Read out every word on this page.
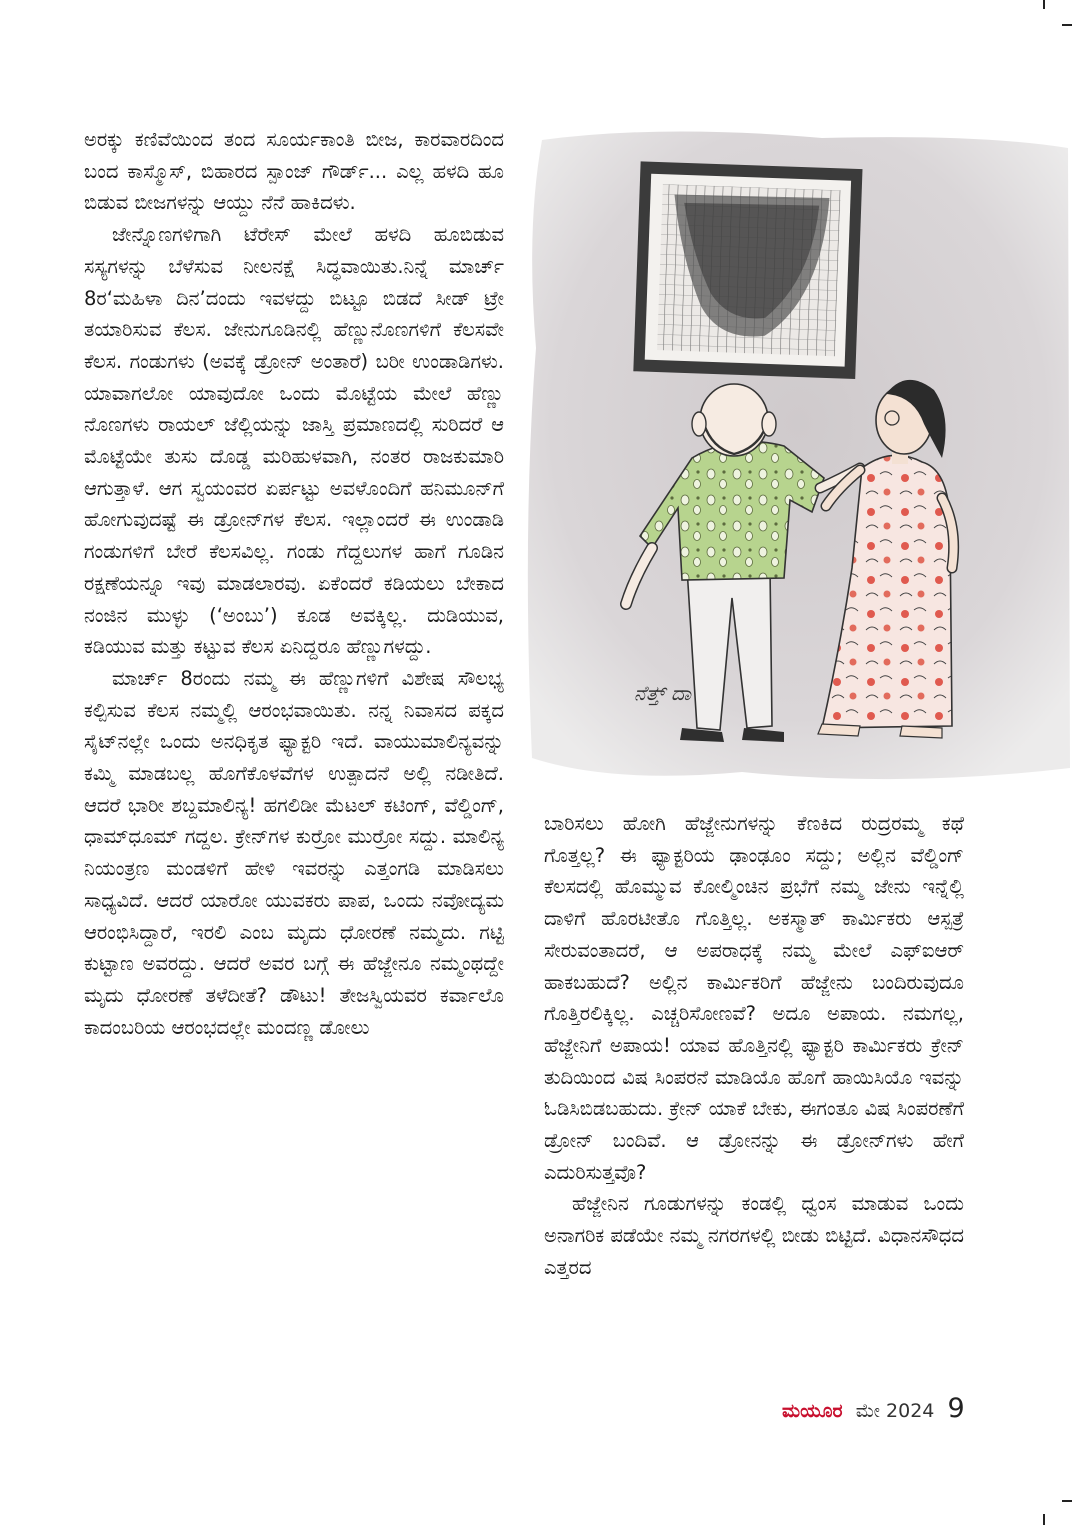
ಅರಕ್ಕು ಕಣಿವೆಯಿಂದ ತಂದ ಸೂರ್ಯಕಾಂತಿ ಬೀಜ, ಕಾರವಾರದಿಂದ ಬಂದ ಕಾಸ್ಮೊಸ್, ಬಿಹಾರದ ಸ್ಪಾಂಜ್ ಗೌರ್ಡ್... ಎಲ್ಲ ಹಳದಿ ಹೂ ಬಿಡುವ ಬೀಜಗಳನ್ನು ಆಯ್ದು ನೆನೆ ಹಾಕಿದಳು.

ಜೇನ್ನೊಣಗಳಿಗಾಗಿ ಟೆರೇಸ್ ಮೇಲೆ ಹಳದಿ ಹೂಬಿಡುವ ಸಸ್ಯಗಳನ್ನು ಬೆಳೆಸುವ ನೀಲನಕ್ಷೆ ಸಿದ್ಧವಾಯಿತು.ನಿನ್ನೆ ಮಾರ್ಚ್ 8ರ‘ಮಹಿಳಾ ದಿನ’ದಂದು ಇವಳದ್ದು ಬಿಟ್ಟೂ ಬಿಡದೆ ಸೀಡ್ ಟ್ರೇ ತಯಾರಿಸುವ ಕೆಲಸ. ಜೇನುಗೂಡಿನಲ್ಲಿ ಹೆಣ್ಣುನೊಣಗಳಿಗೆ ಕೆಲಸವೇ ಕೆಲಸ. ಗಂಡುಗಳು (ಅವಕ್ಕೆ ಡ್ರೋನ್ ಅಂತಾರೆ) ಬರೀ ಉಂಡಾಡಿಗಳು. ಯಾವಾಗಲೋ ಯಾವುದೋ ಒಂದು ಮೊಟ್ಟೆಯ ಮೇಲೆ ಹೆಣ್ಣು ನೊಣಗಳು ರಾಯಲ್ ಜೆಲ್ಲಿಯನ್ನು ಜಾಸ್ತಿ ಪ್ರಮಾಣದಲ್ಲಿ ಸುರಿದರೆ ಆ ಮೊಟ್ಟೆಯೇ ತುಸು ದೊಡ್ಡ ಮರಿಹುಳವಾಗಿ, ನಂತರ ರಾಜಕುಮಾರಿ ಆಗುತ್ತಾಳೆ. ಆಗ ಸ್ವಯಂವರ ಏರ್ಪಟ್ಟು ಅವಳೊಂದಿಗೆ ಹನಿಮೂನ್‌ಗೆ ಹೋಗುವುದಷ್ಟೆ ಈ ಡ್ರೋನ್‌ಗಳ ಕೆಲಸ. ಇಲ್ಲಾಂದರೆ ಈ ಉಂಡಾಡಿ ಗಂಡುಗಳಿಗೆ ಬೇರೆ ಕೆಲಸವಿಲ್ಲ. ಗಂಡು ಗೆದ್ದಲುಗಳ ಹಾಗೆ ಗೂಡಿನ ರಕ್ಷಣೆಯನ್ನೂ ಇವು ಮಾಡಲಾರವು. ಏಕೆಂದರೆ ಕಡಿಯಲು ಬೇಕಾದ ನಂಜಿನ ಮುಳ್ಳು (‘ಅಂಬು’) ಕೂಡ ಅವಕ್ಕಿಲ್ಲ. ದುಡಿಯುವ, ಕಡಿಯುವ ಮತ್ತು ಕಟ್ಟುವ ಕೆಲಸ ಏನಿದ್ದರೂ ಹೆಣ್ಣುಗಳದ್ದು.

ಮಾರ್ಚ್ 8ರಂದು ನಮ್ಮ ಈ ಹೆಣ್ಣುಗಳಿಗೆ ವಿಶೇಷ ಸೌಲಭ್ಯ ಕಲ್ಪಿಸುವ ಕೆಲಸ ನಮ್ಮಲ್ಲಿ ಆರಂಭವಾಯಿತು. ನನ್ನ ನಿವಾಸದ ಪಕ್ಕದ ಸೈಟ್‌ನಲ್ಲೇ ಒಂದು ಅನಧಿಕೃತ ಫ್ಯಾಕ್ಟರಿ ಇದೆ. ವಾಯುಮಾಲಿನ್ಯವನ್ನು ಕಮ್ಮಿ ಮಾಡಬಲ್ಲ ಹೊಗೆಕೊಳವೆಗಳ ಉತ್ಪಾದನೆ ಅಲ್ಲಿ ನಡೀತಿದೆ. ಆದರೆ ಭಾರೀ ಶಬ್ದಮಾಲಿನ್ಯ! ಹಗಲಿಡೀ ಮೆಟಲ್ ಕಟಿಂಗ್, ವೆಲ್ಡಿಂಗ್, ಧಾಮ್‌ಧೂಮ್ ಗದ್ದಲ. ಕ್ರೇನ್‌ಗಳ ಕುರ್‍ರೋ ಮುರ್‍ರೋ ಸದ್ದು. ಮಾಲಿನ್ಯ ನಿಯಂತ್ರಣ ಮಂಡಳಿಗೆ ಹೇಳಿ ಇವರನ್ನು ಎತ್ತಂಗಡಿ ಮಾಡಿಸಲು ಸಾಧ್ಯವಿದೆ. ಆದರೆ ಯಾರೋ ಯುವಕರು ಪಾಪ, ಒಂದು ನವೋದ್ಯಮ ಆರಂಭಿಸಿದ್ದಾರೆ, ಇರಲಿ ಎಂಬ ಮೃದು ಧೋರಣೆ ನಮ್ಮದು. ಗಟ್ಟಿ ಕುಟ್ಟಾಣ ಅವರದ್ದು. ಆದರೆ ಅವರ ಬಗ್ಗೆ ಈ ಹೆಜ್ಜೇನೂ ನಮ್ಮಂಥದ್ದೇ ಮೃದು ಧೋರಣೆ ತಳೆದೀತೆ? ಡೌಟು! ತೇಜಸ್ವಿಯವರ ಕರ್ವಾಲೊ ಕಾದಂಬರಿಯ ಆರಂಭದಲ್ಲೇ ಮಂದಣ್ಣ ಡೋಲು

ನೆತ್ತ್ ದಾ

ಬಾರಿಸಲು ಹೋಗಿ ಹೆಜ್ಜೇನುಗಳನ್ನು ಕೆಣಕಿದ ರುದ್ರರಮ್ಮ ಕಥೆ ಗೊತ್ತಲ್ಲ? ಈ ಫ್ಯಾಕ್ಟರಿಯ ಢಾಂಢೂಂ ಸದ್ದು; ಅಲ್ಲಿನ ವೆಲ್ಡಿಂಗ್ ಕೆಲಸದಲ್ಲಿ ಹೊಮ್ಮುವ ಕೋಲ್ಮಿಂಚಿನ ಪ್ರಭೆಗೆ ನಮ್ಮ ಜೇನು ಇನ್ನೆಲ್ಲಿ ದಾಳಿಗೆ ಹೊರಟೀತೊ ಗೊತ್ತಿಲ್ಲ. ಅಕಸ್ಮಾತ್ ಕಾರ್ಮಿಕರು ಆಸ್ಪತ್ರೆ ಸೇರುವಂತಾದರೆ, ಆ ಅಪರಾಧಕ್ಕೆ ನಮ್ಮ ಮೇಲೆ ಎಫ್‌ಐಆರ್ ಹಾಕಬಹುದೆ? ಅಲ್ಲಿನ ಕಾರ್ಮಿಕರಿಗೆ ಹೆಜ್ಜೇನು ಬಂದಿರುವುದೂ ಗೊತ್ತಿರಲಿಕ್ಕಿಲ್ಲ. ಎಚ್ಚರಿಸೋಣವೆ? ಅದೂ ಅಪಾಯ. ನಮಗಲ್ಲ, ಹೆಜ್ಜೇನಿಗೆ ಅಪಾಯ! ಯಾವ ಹೊತ್ತಿನಲ್ಲಿ ಫ್ಯಾಕ್ಟರಿ ಕಾರ್ಮಿಕರು ಕ್ರೇನ್ ತುದಿಯಿಂದ ವಿಷ ಸಿಂಪರನೆ ಮಾಡಿಯೊ ಹೊಗೆ ಹಾಯಿಸಿಯೊ ಇವನ್ನು ಓಡಿಸಿಬಿಡಬಹುದು. ಕ್ರೇನ್ ಯಾಕೆ ಬೇಕು, ಈಗಂತೂ ವಿಷ ಸಿಂಪರಣೆಗೆ ಡ್ರೋನ್ ಬಂದಿವೆ. ಆ ಡ್ರೋನನ್ನು ಈ ಡ್ರೋನ್‌ಗಳು ಹೇಗೆ ಎದುರಿಸುತ್ತವೊ?

ಹೆಜ್ಜೇನಿನ ಗೂಡುಗಳನ್ನು ಕಂಡಲ್ಲಿ ಧ್ವಂಸ ಮಾಡುವ ಒಂದು ಅನಾಗರಿಕ ಪಡೆಯೇ ನಮ್ಮ ನಗರಗಳಲ್ಲಿ ಬೀಡು ಬಿಟ್ಟಿದೆ. ವಿಧಾನಸೌಧದ ಎತ್ತರದ

ಮಯೂರ ಮೇ 2024 9
